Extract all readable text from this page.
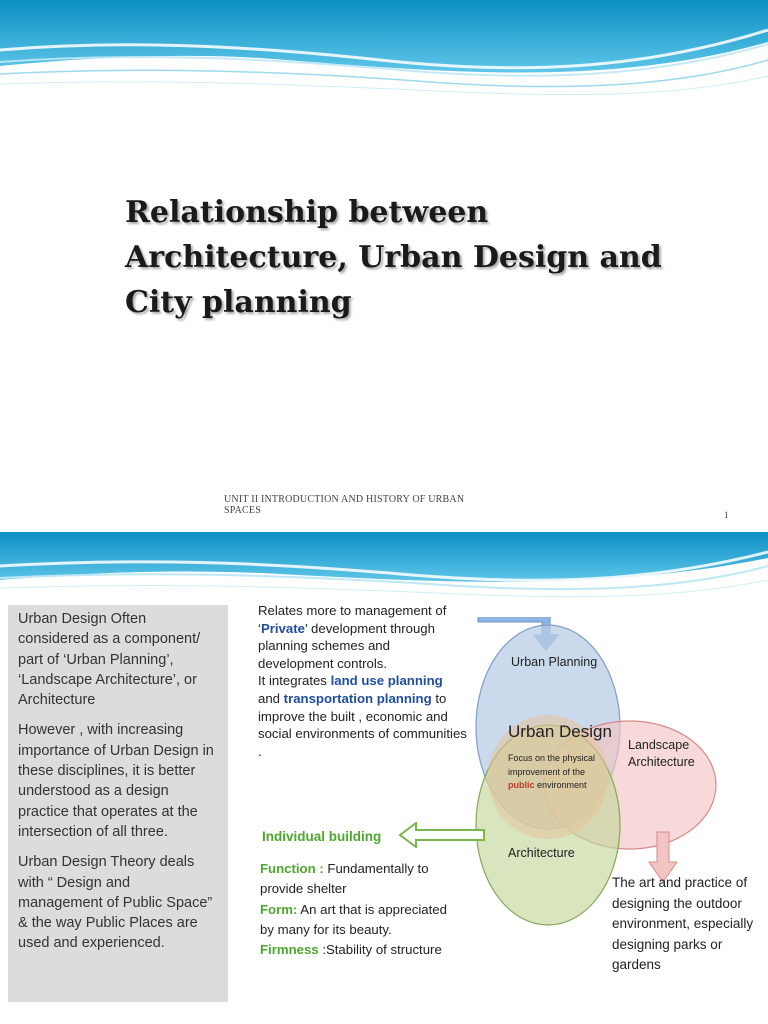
Relationship between
Architecture, Urban Design and
City planning
UNIT II INTRODUCTION AND HISTORY OF URBAN
SPACES	1

Urban Design Often considered as a component/ part of ‘Urban Planning’, ‘Landscape Architecture’, or Architecture

However , with increasing importance of Urban Design in these disciplines, it is better understood as a design practice that operates at the intersection of all three.

Urban Design Theory deals with “ Design and management of Public Space” & the way Public Places are used and experienced.

Relates more to management of ‘Private’ development through planning schemes and development controls.
It integrates land use planning and transportation planning to improve the built , economic and social environments of communities .
Urban Planning
Urban Design
Focus on the physical improvement of the public environment
Landscape
Architecture
Architecture
Individual building

Function : Fundamentally to provide shelter

Form: An art that is appreciated by many for its beauty.

Firmness :Stability of structure

The art and practice of designing the outdoor environment, especially designing parks or gardens
